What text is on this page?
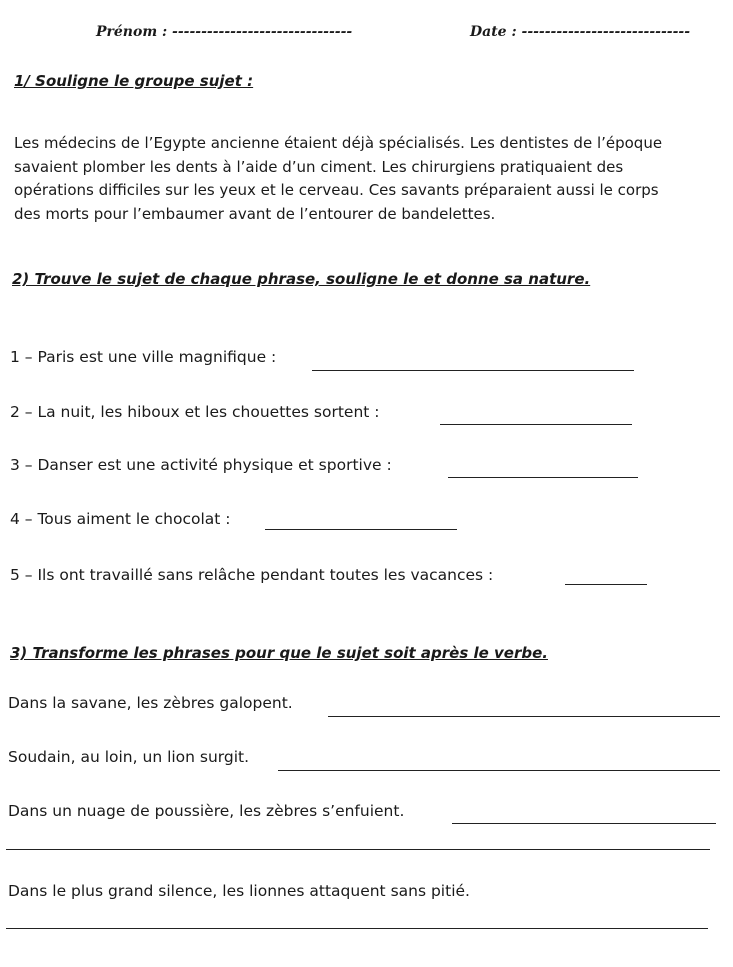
Prénom : -------------------------------	Date : -----------------------------
1/ Souligne le groupe sujet :
Les médecins de l’Egypte ancienne étaient déjà spécialisés. Les dentistes de l’époque
savaient plomber les dents à l’aide d’un ciment. Les chirurgiens pratiquaient des
opérations difficiles sur les yeux et le cerveau. Ces savants préparaient aussi le corps
des morts pour l’embaumer avant de l’entourer de bandelettes.
2) Trouve le sujet de chaque phrase, souligne le et donne sa nature.
1 – Paris est une ville magnifique :
2 – La nuit, les hiboux et les chouettes sortent :
3 – Danser est une activité physique et sportive :
4 – Tous aiment le chocolat :
5 – Ils ont travaillé sans relâche pendant toutes les vacances :
3) Transforme les phrases pour que le sujet soit après le verbe.
Dans la savane, les zèbres galopent.
Soudain, au loin, un lion surgit.
Dans un nuage de poussière, les zèbres s’enfuient.
Dans le plus grand silence, les lionnes attaquent sans pitié.
